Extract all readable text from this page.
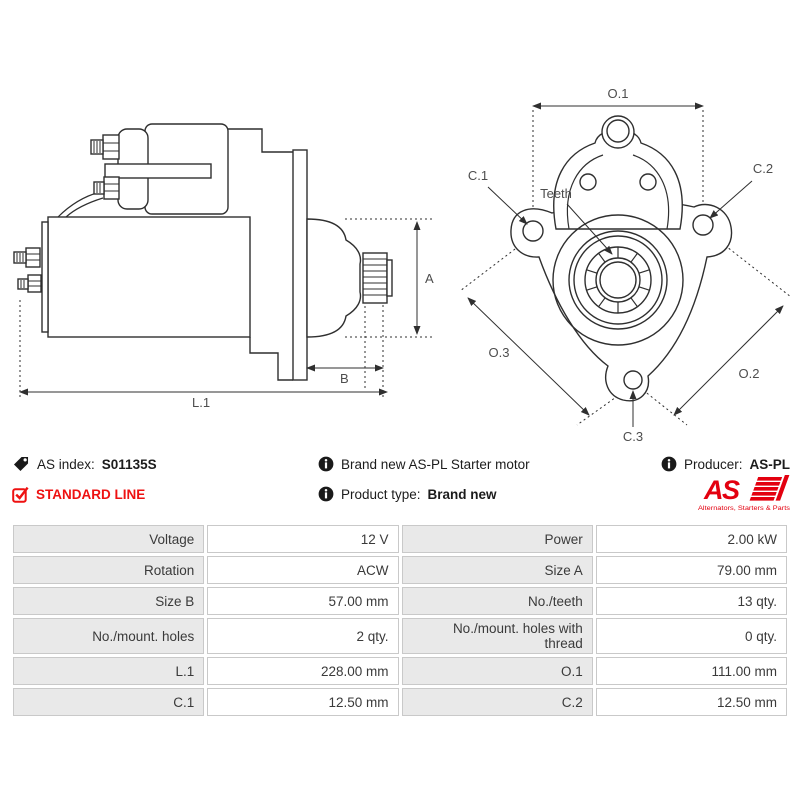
A
B
L.1
O.1
C.1	C.2
Teeth
O.3
O.2
C.3
AS index: S01135S
STANDARD LINE
Brand new AS-PL Starter motor
Product type: Brand new
Producer: AS-PL
AS
Alternators, Starters & Parts
Voltage	12 V	Power	2.00 kW
Rotation	ACW	Size A	79.00 mm
Size B	57.00 mm	No./teeth	13 qty.
No./mount. holes	2 qty.	No./mount. holes with thread	0 qty.
L.1	228.00 mm	O.1	111.00 mm
C.1	12.50 mm	C.2	12.50 mm
